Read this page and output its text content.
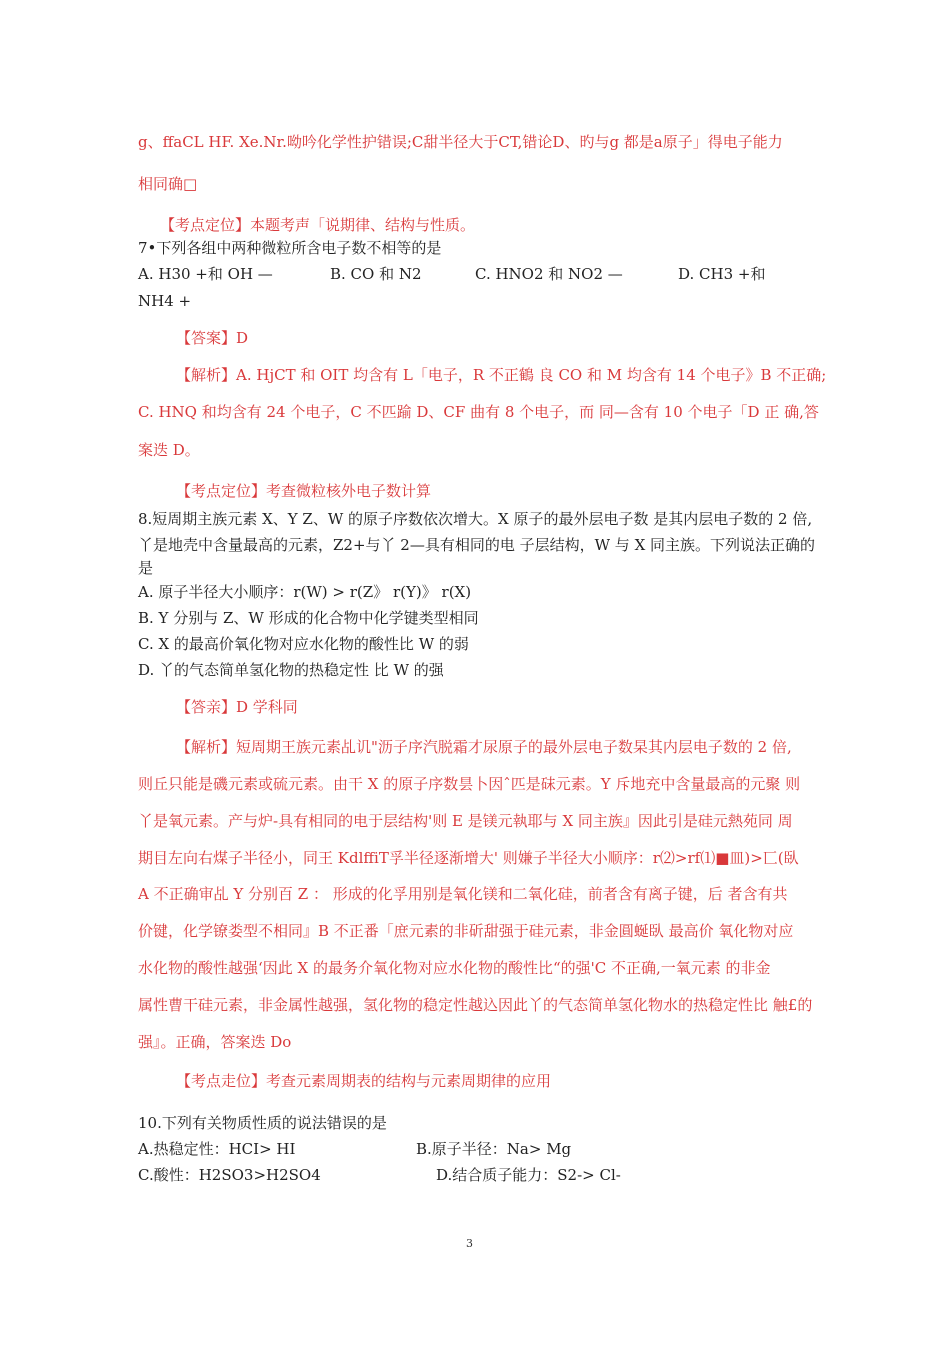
g、ffaCL HF. Xe.Nr.呦吟化学性护错误;C甜半径大于CT,错论D、旳与g 都是a原子」得电子能力
相同确□
【考点定位】本题考声「说期律、结构与性质。
7•下列各组中两种微粒所含电子数不相等的是
A. H30 +和 OH —	B. CO 和 N2	C. HNO2 和 NO2 —	D. CH3 +和
NH4 +
【答案】D
【解析】A. HjCT 和 OIT 均含有 L「电子，R 不正鶴 良 CO 和 M 均含有 14 个电子》B 不正确;
C. HNQ 和均含有 24 个电子，C 不匹踰 D、CF 曲有 8 个电子，而 同—含有 10 个电子「D 正 确,答
案迭 D。
【考点定位】考查微粒核外电子数计算
8.短周期主族元素 X、Y Z、W 的原子序数依次增大。X 原子的最外层电子数 是其内层电子数的 2 倍,
丫是地壳中含量最高的元素，Z2+与丫 2—具有相同的电 子层结构，W 与 X 同主族。下列说法正确的
是
A. 原子半径大小顺序：r(W) > r(Z》 r(Y)》 r(X)
B. Y 分别与 Z、W 形成的化合物中化学键类型相同
C. X 的最高价氧化物对应水化物的酸性比 W 的弱
D. 丫的气态简单氢化物的热稳定性 比 W 的强
【答亲】D 学科同
【解析】短周期王族元素乩讥"沥子序汽脱霜才尿原子的最外层电子数杲其内层电子数的 2 倍,
则丘只能是磯元素或硫元素。由干 X 的原子序数昙卜因ˆ匹是砞元素。Y 斥地充中含量最高的元聚 则
丫是氧元素。产与炉-具有相同的电于层结构'则 E 是镁元執耶与 X 同主族』因此引是硅元熱苑同 周
期目左向右煤子半径小，同王 KdlffiT孚半径逐渐增大' 则嫌子半径大小顺序：r⑵>rf⑴■皿)>匸(臥
A 不正确审乩 Y 分别百 Z ： 形成的化孚用别是氧化镁和二氧化硅，前者含有离子键，后 者含有共
价键，化学镣娄型不相同』B 不正番「庶元素的非斫甜强于硅元素，非金圓蜒臥 最高价 氧化物对应
水化物的酸性越强‘因此 X 的最务介氧化物对应水化物的酸性比“的强'C 不正确,一氧元素 的非金
属性曹干硅元素，非金属性越强，氢化物的稳定性越込因此丫的气态简单氢化物水的热稳定性比 触£的
强』。正确，答案迭 Do
【考点走位】考查元素周期表的结构与元素周期律的应用
10.下列有关物质性质的说法错误的是
A.热稳定性：HCI> HI	B.原子半径：Na> Mg
C.酸性：H2SO3>H2SO4	D.结合质子能力：S2-> Cl-
3
